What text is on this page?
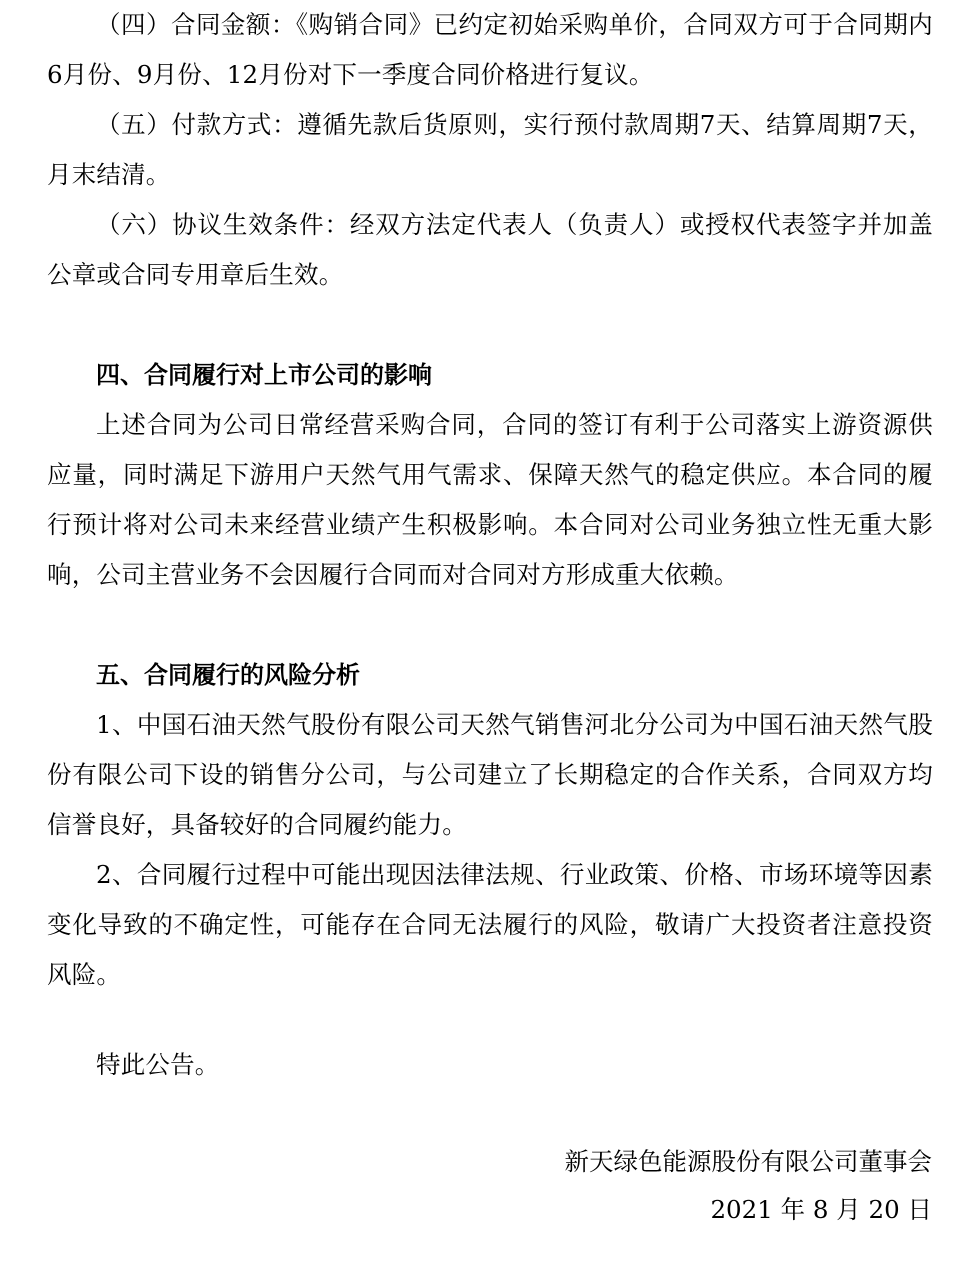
（四）合同金额：《购销合同》已约定初始采购单价，合同双方可于合同期内6月份、9月份、12月份对下一季度合同价格进行复议。

（五）付款方式：遵循先款后货原则，实行预付款周期7天、结算周期7天，月末结清。

（六）协议生效条件：经双方法定代表人（负责人）或授权代表签字并加盖公章或合同专用章后生效。

四、合同履行对上市公司的影响

上述合同为公司日常经营采购合同，合同的签订有利于公司落实上游资源供应量，同时满足下游用户天然气用气需求、保障天然气的稳定供应。本合同的履行预计将对公司未来经营业绩产生积极影响。本合同对公司业务独立性无重大影响，公司主营业务不会因履行合同而对合同对方形成重大依赖。

五、合同履行的风险分析

1、中国石油天然气股份有限公司天然气销售河北分公司为中国石油天然气股份有限公司下设的销售分公司，与公司建立了长期稳定的合作关系，合同双方均信誉良好，具备较好的合同履约能力。

2、合同履行过程中可能出现因法律法规、行业政策、价格、市场环境等因素变化导致的不确定性，可能存在合同无法履行的风险，敬请广大投资者注意投资风险。

特此公告。

新天绿色能源股份有限公司董事会

2021 年 8 月 20 日
